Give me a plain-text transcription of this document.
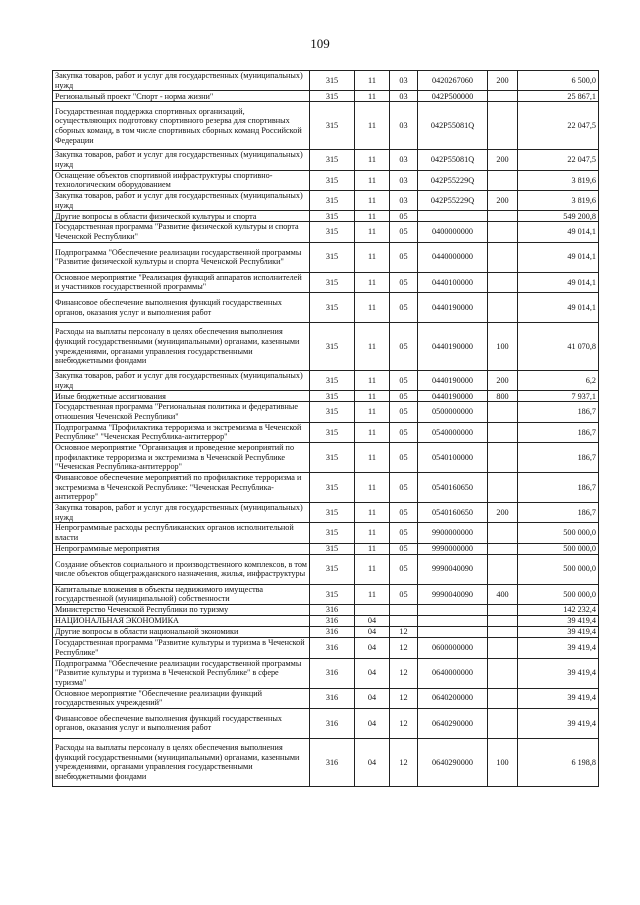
109
Закупка товаров, работ и услуг для государственных (муниципальных) нужд	315	11	03	0420267060	200	6 500,0
Региональный проект "Спорт - норма жизни"	315	11	03	042P500000		25 867,1
Государственная поддержка спортивных организаций, осуществляющих подготовку спортивного резерва для спортивных сборных команд, в том числе спортивных сборных команд Российской Федерации	315	11	03	042P55081Q		22 047,5
Закупка товаров, работ и услуг для государственных (муниципальных) нужд	315	11	03	042P55081Q	200	22 047,5
Оснащение объектов спортивной инфраструктуры спортивно-технологическим оборудованием	315	11	03	042P55229Q		3 819,6
Закупка товаров, работ и услуг для государственных (муниципальных) нужд	315	11	03	042P55229Q	200	3 819,6
Другие вопросы в области физической культуры и спорта	315	11	05			549 200,8
Государственная программа "Развитие физической культуры и спорта Чеченской Республики"	315	11	05	0400000000		49 014,1
Подпрограмма "Обеспечение реализации государственной программы "Развитие физической культуры и спорта Чеченской Республики"	315	11	05	0440000000		49 014,1
Основное мероприятие "Реализация функций аппаратов исполнителей и участников государственной программы"	315	11	05	0440100000		49 014,1
Финансовое обеспечение выполнения функций государственных органов, оказания услуг и выполнения работ	315	11	05	0440190000		49 014,1
Расходы на выплаты персоналу в целях обеспечения выполнения функций государственными (муниципальными) органами, казенными учреждениями, органами управления государственными внебюджетными фондами	315	11	05	0440190000	100	41 070,8
Закупка товаров, работ и услуг для государственных (муниципальных) нужд	315	11	05	0440190000	200	6,2
Иные бюджетные ассигнования	315	11	05	0440190000	800	7 937,1
Государственная программа "Региональная политика и федеративные отношения Чеченской Республики"	315	11	05	0500000000		186,7
Подпрограмма "Профилактика терроризма и экстремизма в Чеченской Республике" "Чеченская Республика-антитеррор"	315	11	05	0540000000		186,7
Основное мероприятие "Организация и проведение мероприятий по профилактике терроризма и экстремизма в Чеченской Республике "Чеченская Республика-антитеррор"	315	11	05	0540100000		186,7
Финансовое обеспечение мероприятий по профилактике терроризма и экстремизма в Чеченской Республике: "Чеченская Республика-антитеррор"	315	11	05	0540160650		186,7
Закупка товаров, работ и услуг для государственных (муниципальных) нужд	315	11	05	0540160650	200	186,7
Непрограммные расходы республиканских органов исполнительной власти	315	11	05	9900000000		500 000,0
Непрограммные мероприятия	315	11	05	9990000000		500 000,0
Создание объектов социального и производственного комплексов, в том числе объектов общегражданского назначения, жилья, инфраструктуры	315	11	05	9990040090		500 000,0
Капитальные вложения в объекты недвижимого имущества государственной (муниципальной) собственности	315	11	05	9990040090	400	500 000,0
Министерство Чеченской Республики по туризму	316					142 232,4
НАЦИОНАЛЬНАЯ ЭКОНОМИКА	316	04				39 419,4
Другие вопросы в области национальной экономики	316	04	12			39 419,4
Государственная программа "Развитие культуры и туризма в Чеченской Республике"	316	04	12	0600000000		39 419,4
Подпрограмма "Обеспечение реализации государственной программы "Развитие культуры и туризма в Чеченской Республике" в сфере туризма"	316	04	12	0640000000		39 419,4
Основное мероприятие "Обеспечение реализации функций государственных учреждений"	316	04	12	0640200000		39 419,4
Финансовое обеспечение выполнения функций государственных органов, оказания услуг и выполнения работ	316	04	12	0640290000		39 419,4
Расходы на выплаты персоналу в целях обеспечения выполнения функций государственными (муниципальными) органами, казенными учреждениями, органами управления государственными внебюджетными фондами	316	04	12	0640290000	100	6 198,8
